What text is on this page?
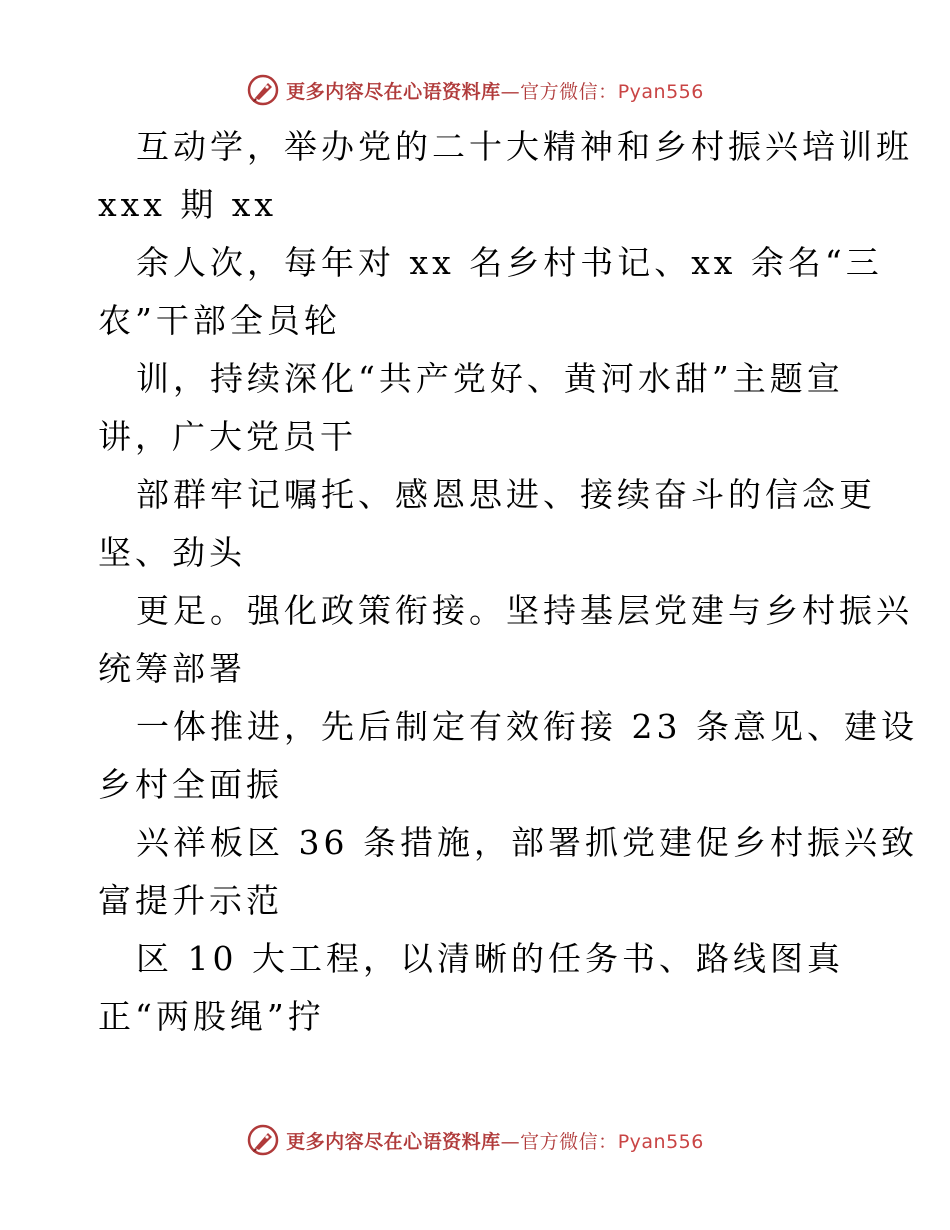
更多内容尽在心语资料库—官方微信：Pyan556
互动学，举办党的二十大精神和乡村振兴培训班
xxx 期 xx
余人次，每年对 xx 名乡村书记、xx 余名“三
农”干部全员轮
训，持续深化“共产党好、黄河水甜”主题宣
讲，广大党员干
部群牢记嘱托、感恩思进、接续奋斗的信念更
坚、劲头
更足。强化政策衔接。坚持基层党建与乡村振兴
统筹部署
一体推进，先后制定有效衔接 23 条意见、建设
乡村全面振
兴祥板区 36 条措施，部署抓党建促乡村振兴致
富提升示范
区 10 大工程，以清晰的任务书、路线图真
正“两股绳”拧
更多内容尽在心语资料库—官方微信：Pyan556
